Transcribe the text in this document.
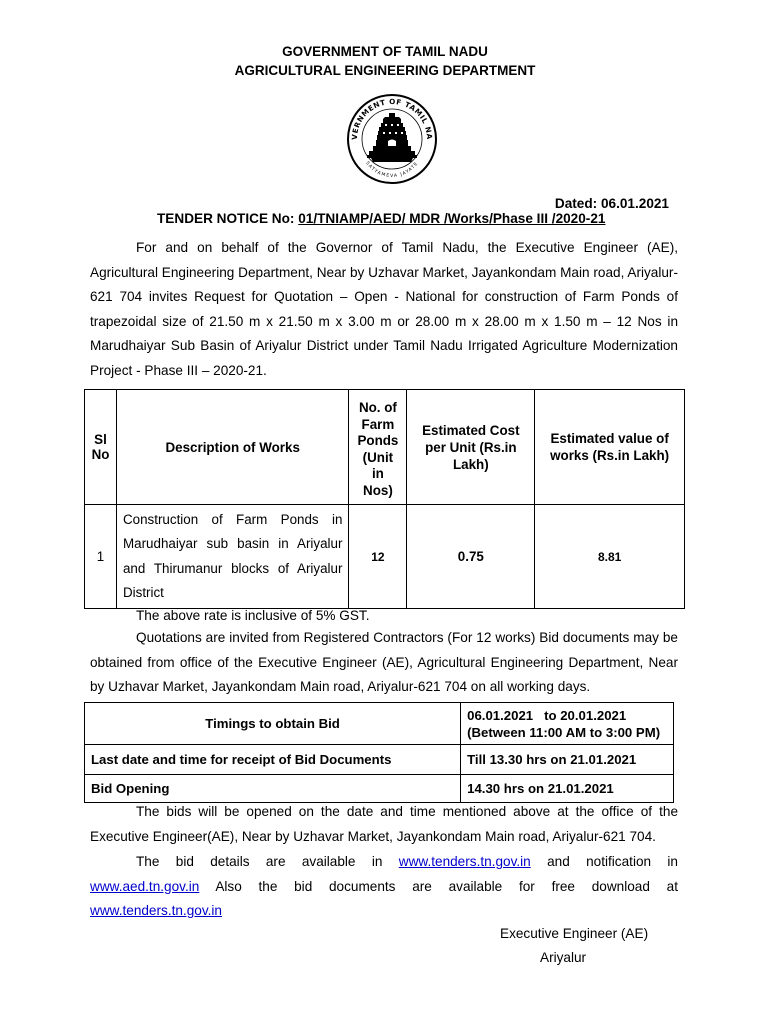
GOVERNMENT OF TAMIL NADU
AGRICULTURAL ENGINEERING DEPARTMENT
VERNMENT OF TAMIL NA
SATYAMEVA JAYATE
Dated: 06.01.2021
TENDER NOTICE No: 01/TNIAMP/AED/ MDR /Works/Phase III /2020-21

For and on behalf of the Governor of Tamil Nadu, the Executive Engineer (AE), Agricultural Engineering Department, Near by Uzhavar Market, Jayankondam Main road, Ariyalur-621 704 invites Request for Quotation – Open - National for construction of Farm Ponds of trapezoidal size of 21.50 m x 21.50 m x 3.00 m or 28.00 m x 28.00 m x 1.50 m – 12 Nos in Marudhaiyar Sub Basin of Ariyalur District under Tamil Nadu Irrigated Agriculture Modernization Project - Phase III – 2020-21.

Sl No	Description of Works	No. of Farm Ponds (Unit in Nos)	Estimated Cost per Unit (Rs.in Lakh)	Estimated value of works (Rs.in Lakh)
1	Construction of Farm Ponds in Marudhaiyar sub basin in Ariyalur and Thirumanur blocks of Ariyalur District	12	0.75	8.81
The above rate is inclusive of 5% GST.

Quotations are invited from Registered Contractors (For 12 works) Bid documents may be obtained from office of the Executive Engineer (AE), Agricultural Engineering Department, Near by Uzhavar Market, Jayankondam Main road, Ariyalur-621 704 on all working days.

Timings to obtain Bid	06.01.2021   to 20.01.2021
(Between 11:00 AM to 3:00 PM)

Last date and time for receipt of Bid Documents	Till 13.30 hrs on 21.01.2021
Bid Opening	14.30 hrs on 21.01.2021

The bids will be opened on the date and time mentioned above at the office of the Executive Engineer(AE), Near by Uzhavar Market, Jayankondam Main road, Ariyalur-621 704.

The bid details are available in www.tenders.tn.gov.in and notification in
www.aed.tn.gov.in Also the bid documents are available for free download at
www.tenders.tn.gov.in
Executive Engineer (AE)
Ariyalur
